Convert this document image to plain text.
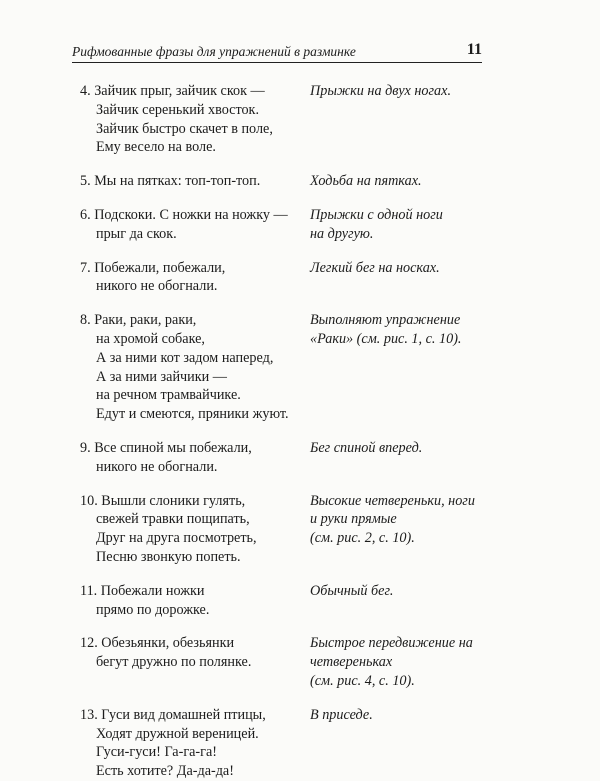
Рифмованные фразы для упражнений в разминке	11
4. Зайчик прыг, зайчик скок —
Зайчик серенький хвосток.
Зайчик быстро скачет в поле,
Ему весело на воле.
Прыжки на двух ногах.
5. Мы на пятках: топ-топ-топ.	Ходьба на пятках.
6. Подскоки. С ножки на ножку —
прыг да скок.
Прыжки с одной ноги
на другую.
7. Побежали, побежали,
никого не обогнали.
Легкий бег на носках.
8. Раки, раки, раки,
на хромой собаке,
А за ними кот задом наперед,
А за ними зайчики —
на речном трамвайчике.
Едут и смеются, пряники жуют.
Выполняют упражнение
«Раки» (см. рис. 1, с. 10).
9. Все спиной мы побежали,
никого не обогнали.
Бег спиной вперед.
10. Вышли слоники гулять,
свежей травки пощипать,
Друг на друга посмотреть,
Песню звонкую попеть.
Высокие четвереньки, ноги
и руки прямые
(см. рис. 2, с. 10).
11. Побежали ножки
прямо по дорожке.
Обычный бег.
12. Обезьянки, обезьянки
бегут дружно по полянке.
Быстрое передвижение на
четвереньках
(см. рис. 4, с. 10).
13. Гуси вид домашней птицы,
Ходят дружной вереницей.
Гуси-гуси! Га-га-га!
Есть хотите? Да-да-да!
В приседе.
